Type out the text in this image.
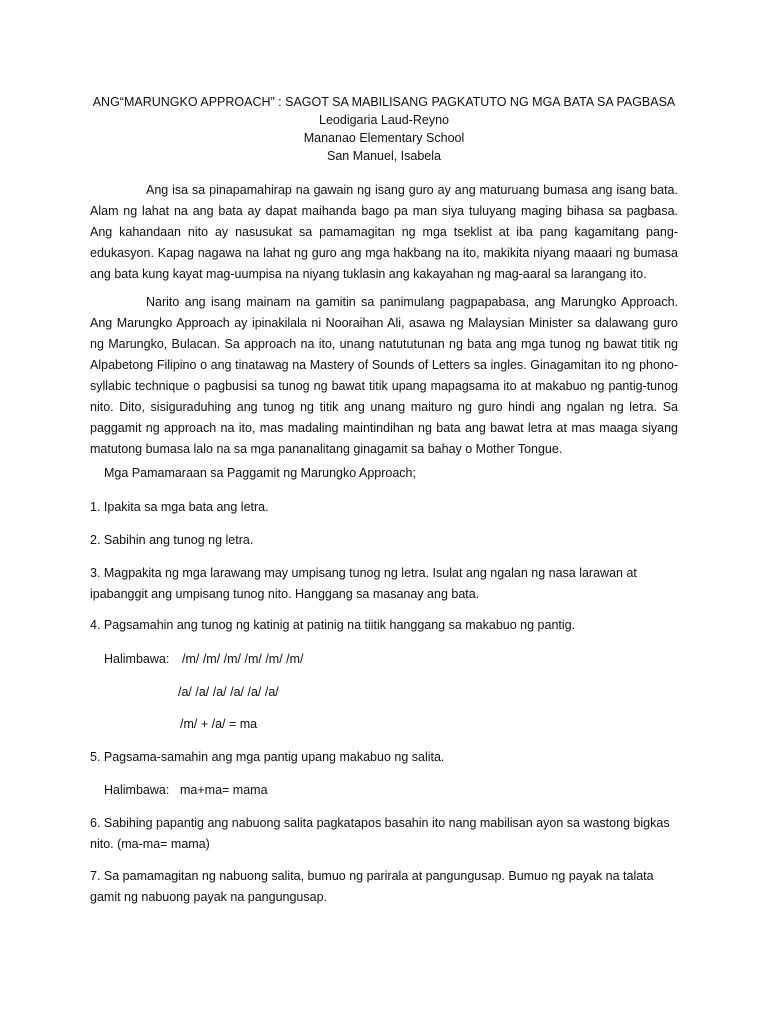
ANG“MARUNGKO APPROACH” : SAGOT SA MABILISANG PAGKATUTO NG MGA BATA SA PAGBASA
Leodigaria Laud-Reyno
Mananao Elementary School
San Manuel, Isabela

Ang isa sa pinapamahirap na gawain ng isang guro ay ang maturuang bumasa ang isang bata. Alam ng lahat na ang bata ay dapat maihanda bago pa man siya tuluyang maging bihasa sa pagbasa. Ang kahandaan nito ay nasusukat sa pamamagitan ng mga tseklist at iba pang kagamitang pang-edukasyon. Kapag nagawa na lahat ng guro ang mga hakbang na ito, makikita niyang maaari ng bumasa ang bata kung kayat mag-uumpisa na niyang tuklasin ang kakayahan ng mag-aaral sa larangang ito.

Narito ang isang mainam na gamitin sa panimulang pagpapabasa, ang Marungko Approach. Ang Marungko Approach ay ipinakilala ni Nooraihan Ali, asawa ng Malaysian Minister sa dalawang guro ng Marungko, Bulacan. Sa approach na ito, unang natututunan ng bata ang mga tunog ng bawat titik ng Alpabetong Filipino o ang tinatawag na Mastery of Sounds of Letters sa ingles. Ginagamitan ito ng phono-syllabic technique o pagbusisi sa tunog ng bawat titik upang mapagsama ito at makabuo ng pantig-tunog nito. Dito, sisiguraduhing ang tunog ng titik ang unang maituro ng guro hindi ang ngalan ng letra. Sa paggamit ng approach na ito, mas madaling maintindihan ng bata ang bawat letra at mas maaga siyang matutong bumasa lalo na sa mga pananalitang ginagamit sa bahay o Mother Tongue.

Mga Pamamaraan sa Paggamit ng Marungko Approach;
1. Ipakita sa mga bata ang letra.
2. Sabihin ang tunog ng letra.
3. Magpakita ng mga larawang may umpisang tunog ng letra. Isulat ang ngalan ng nasa larawan at ipabanggit ang umpisang tunog nito. Hanggang sa masanay ang bata.
4. Pagsamahin ang tunog ng katinig at patinig na tiitik hanggang sa makabuo ng pantig.
Halimbawa: /m/ /m/ /m/ /m/ /m/ /m/
/a/ /a/ /a/ /a/ /a/ /a/
/m/ + /a/ = ma
5. Pagsama-samahin ang mga pantig upang makabuo ng salita.
Halimbawa: ma+ma= mama
6. Sabihing papantig ang nabuong salita pagkatapos basahin ito nang mabilisan ayon sa wastong bigkas nito. (ma-ma= mama)
7. Sa pamamagitan ng nabuong salita, bumuo ng parirala at pangungusap. Bumuo ng payak na talata gamit ng nabuong payak na pangungusap.
